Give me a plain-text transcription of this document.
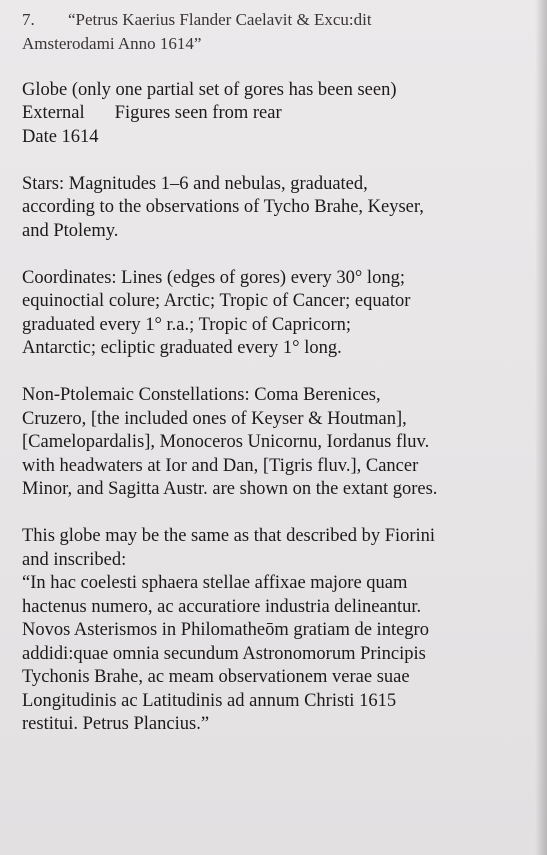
7. “Petrus Kaerius Flander Caelavit & Excu:dit
Amsterodami Anno 1614”
Globe (only one partial set of gores has been seen)
External Figures seen from rear
Date 1614
Stars: Magnitudes 1–6 and nebulas, graduated,
according to the observations of Tycho Brahe, Keyser,
and Ptolemy.
Coordinates: Lines (edges of gores) every 30° long;
equinoctial colure; Arctic; Tropic of Cancer; equator
graduated every 1° r.a.; Tropic of Capricorn;
Antarctic; ecliptic graduated every 1° long.
Non-Ptolemaic Constellations: Coma Berenices,
Cruzero, [the included ones of Keyser & Houtman],
[Camelopardalis], Monoceros Unicornu, Iordanus fluv.
with headwaters at Ior and Dan, [Tigris fluv.], Cancer
Minor, and Sagitta Austr. are shown on the extant gores.
This globe may be the same as that described by Fiorini
and inscribed:
“In hac coelesti sphaera stellae affixae majore quam
hactenus numero, ac accuratiore industria delineantur.
Novos Asterismos in Philomatheōm gratiam de integro
addidi:quae omnia secundum Astronomorum Principis
Tychonis Brahe, ac meam observationem verae suae
Longitudinis ac Latitudinis ad annum Christi 1615
restitui. Petrus Plancius.”
